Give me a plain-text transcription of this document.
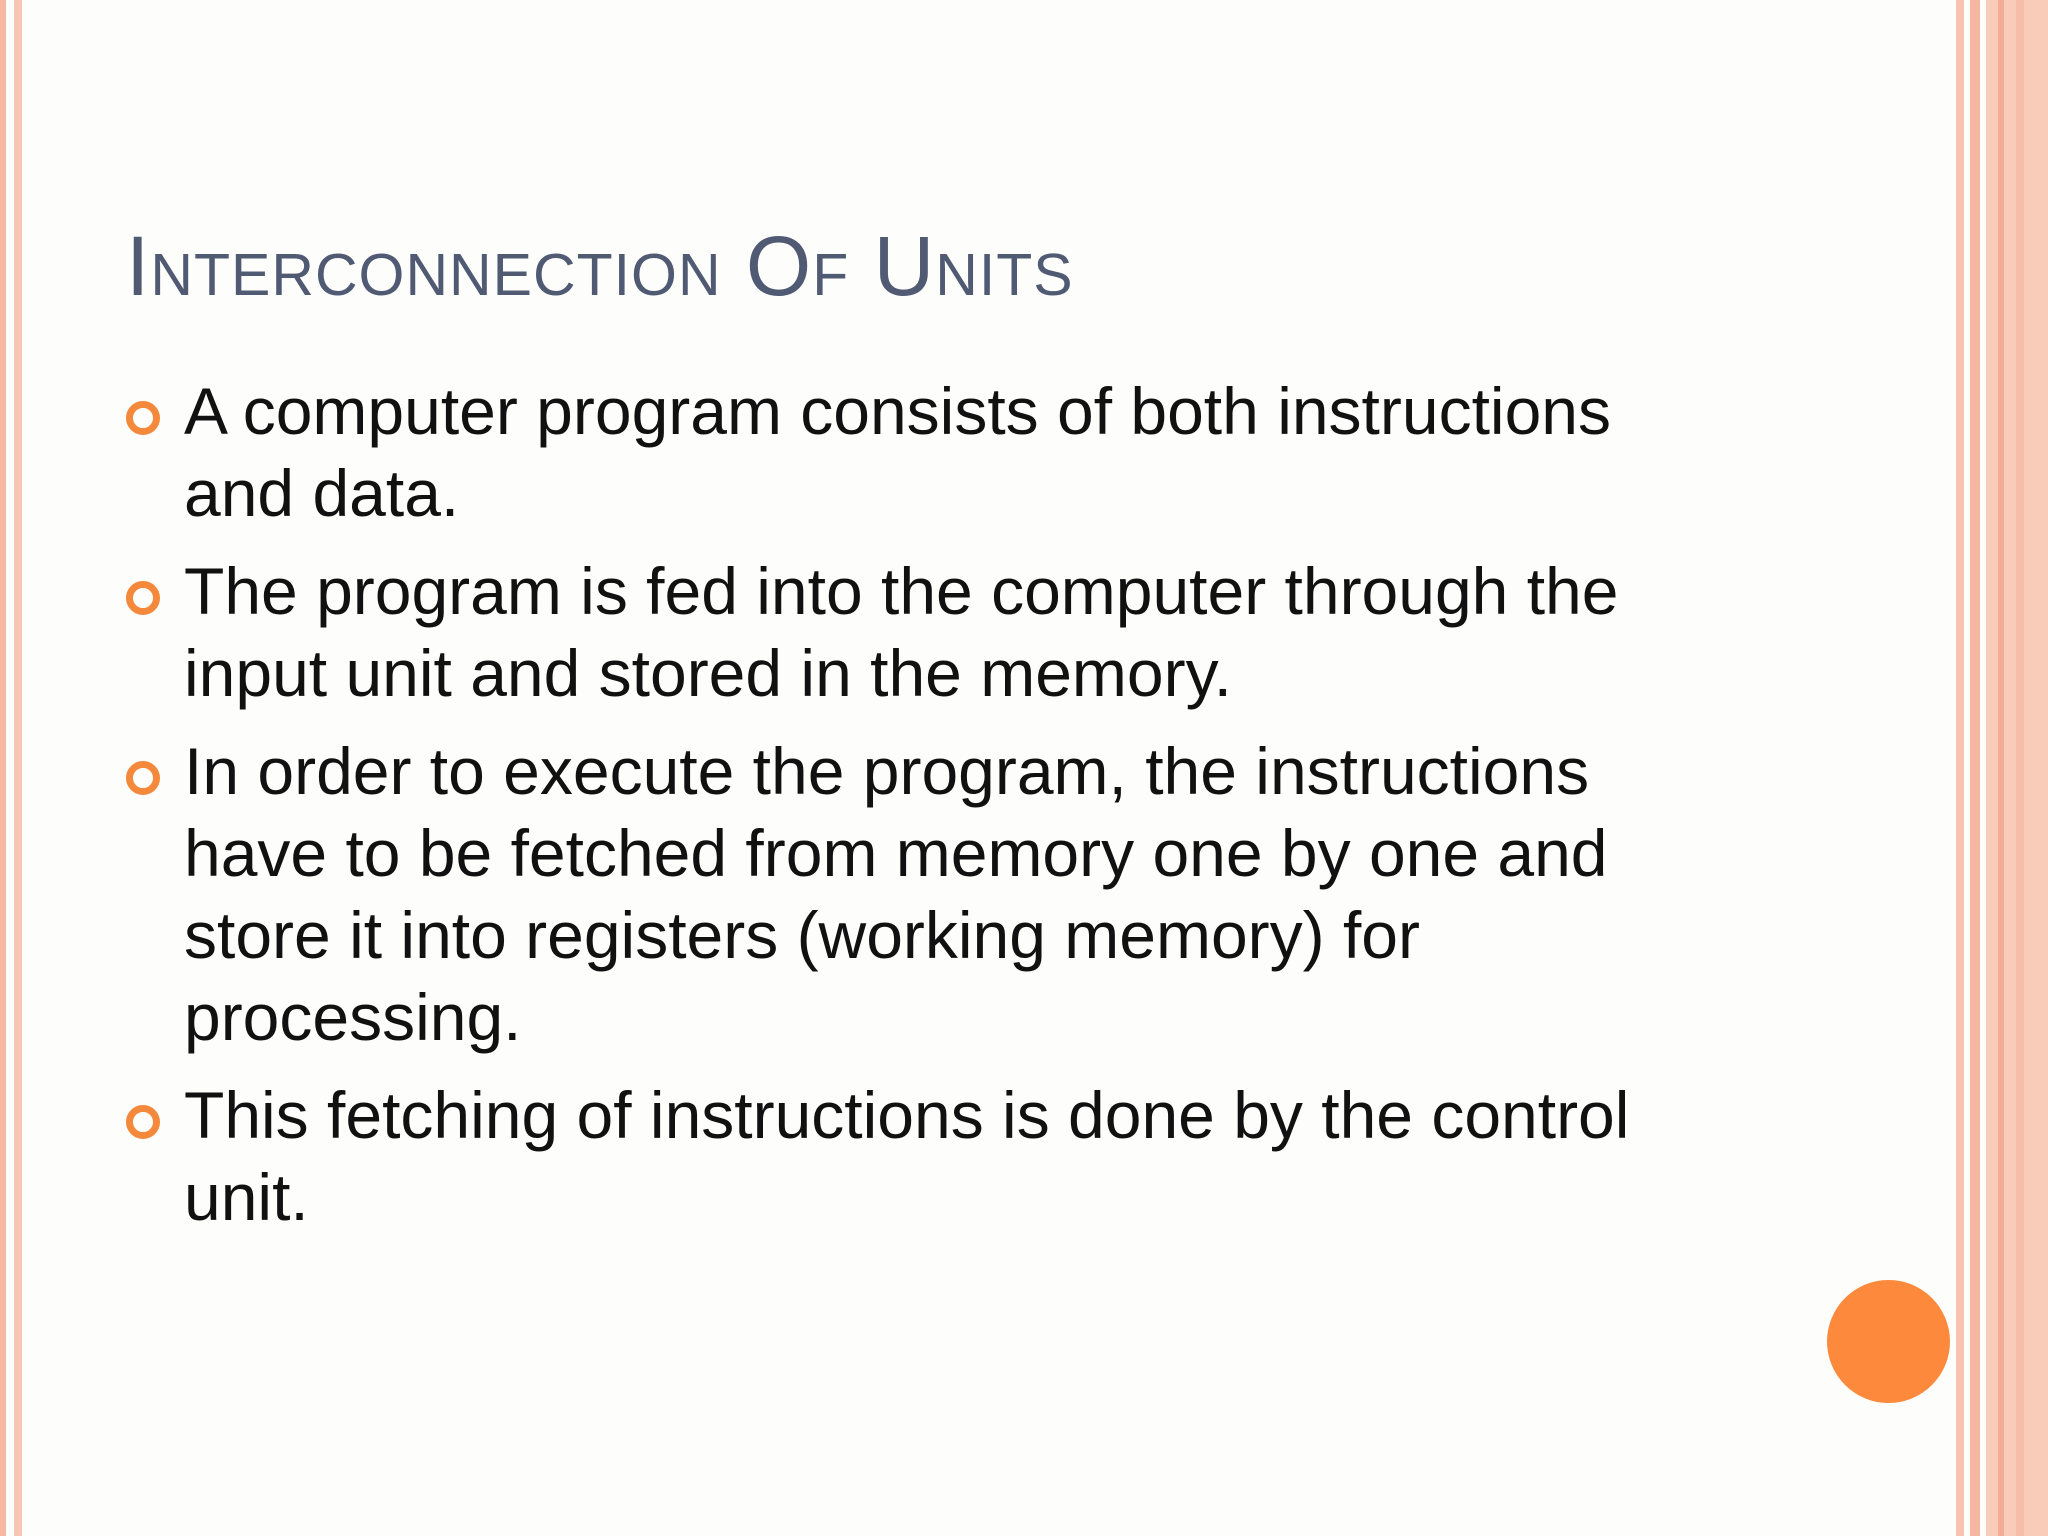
Interconnection Of Units
A computer program consists of both instructions and data.
The program is fed into the computer through the input unit and stored in the memory.
In order to execute the program, the instructions have to be fetched from memory one by one and store it into registers (working memory) for processing.
This fetching of instructions is done by the control unit.
